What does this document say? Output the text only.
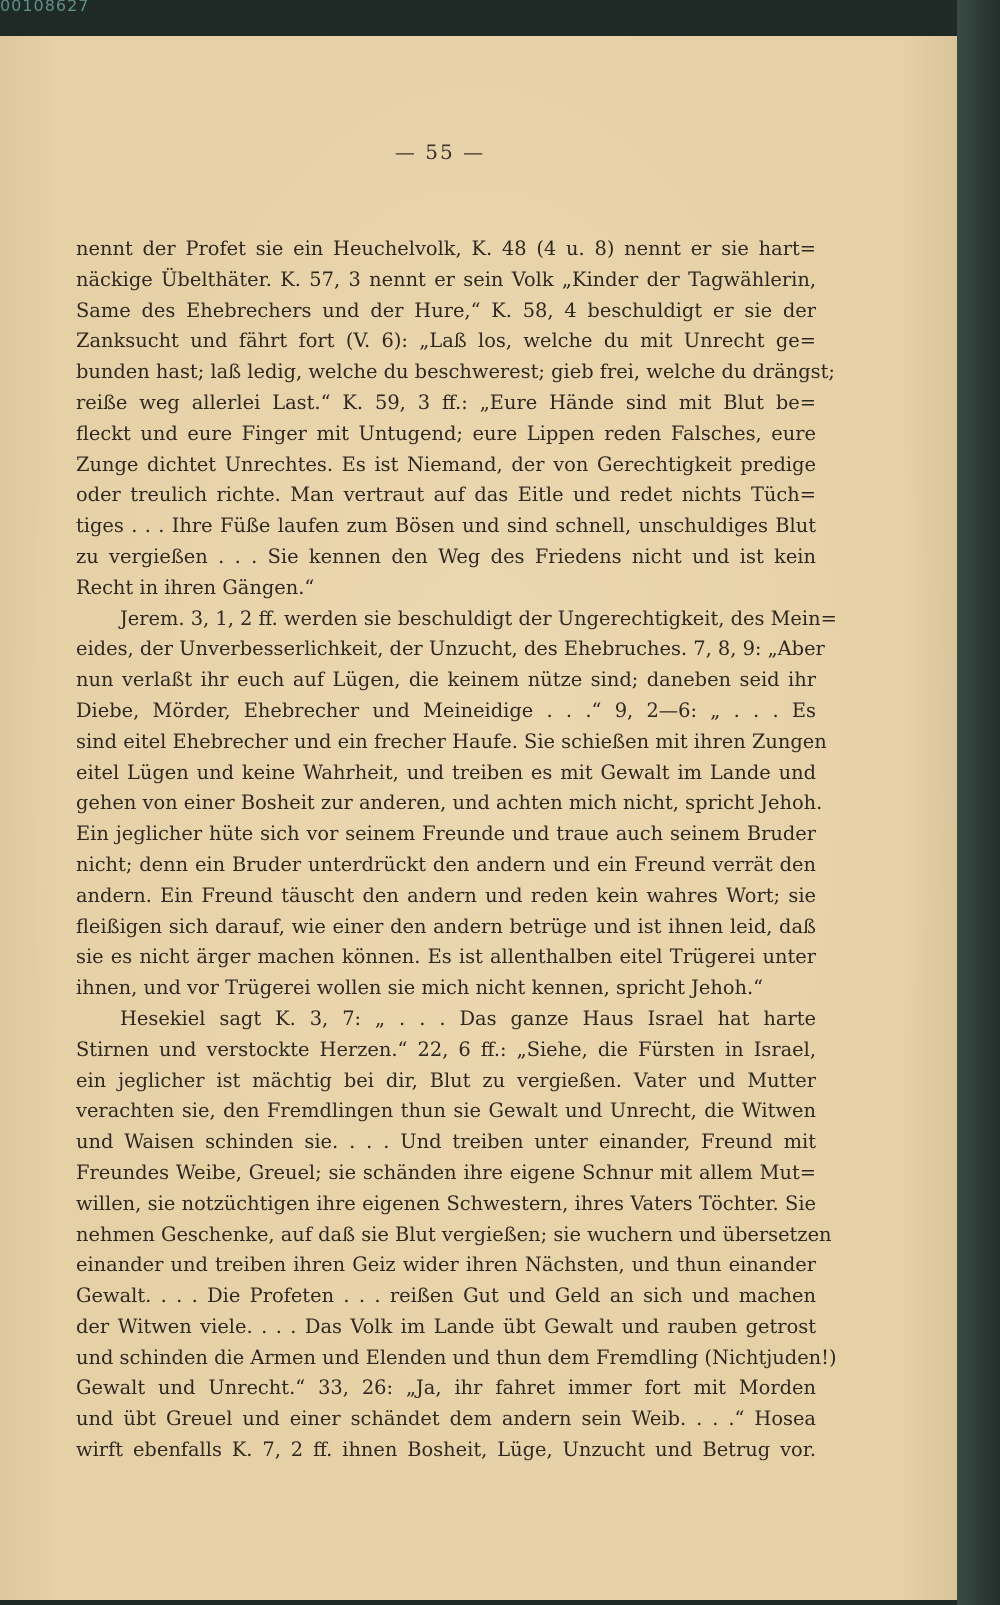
00108627
— 55 —
nennt der Profet sie ein Heuchelvolk, K. 48 (4 u. 8) nennt er sie hart=
näckige Übelthäter. K. 57, 3 nennt er sein Volk „Kinder der Tagwählerin,
Same des Ehebrechers und der Hure,“ K. 58, 4 beschuldigt er sie der
Zanksucht und fährt fort (V. 6): „Laß los, welche du mit Unrecht ge=
bunden hast; laß ledig, welche du beschwerest; gieb frei, welche du drängst;
reiße weg allerlei Last.“ K. 59, 3 ff.: „Eure Hände sind mit Blut be=
fleckt und eure Finger mit Untugend; eure Lippen reden Falsches, eure
Zunge dichtet Unrechtes. Es ist Niemand, der von Gerechtigkeit predige
oder treulich richte. Man vertraut auf das Eitle und redet nichts Tüch=
tiges . . . Ihre Füße laufen zum Bösen und sind schnell, unschuldiges Blut
zu vergießen . . . Sie kennen den Weg des Friedens nicht und ist kein
Recht in ihren Gängen.“
Jerem. 3, 1, 2 ff. werden sie beschuldigt der Ungerechtigkeit, des Mein=
eides, der Unverbesserlichkeit, der Unzucht, des Ehebruches. 7, 8, 9: „Aber
nun verlaßt ihr euch auf Lügen, die keinem nütze sind; daneben seid ihr
Diebe, Mörder, Ehebrecher und Meineidige . . .“ 9, 2—6: „ . . . Es
sind eitel Ehebrecher und ein frecher Haufe. Sie schießen mit ihren Zungen
eitel Lügen und keine Wahrheit, und treiben es mit Gewalt im Lande und
gehen von einer Bosheit zur anderen, und achten mich nicht, spricht Jehoh.
Ein jeglicher hüte sich vor seinem Freunde und traue auch seinem Bruder
nicht; denn ein Bruder unterdrückt den andern und ein Freund verrät den
andern. Ein Freund täuscht den andern und reden kein wahres Wort; sie
fleißigen sich darauf, wie einer den andern betrüge und ist ihnen leid, daß
sie es nicht ärger machen können. Es ist allenthalben eitel Trügerei unter
ihnen, und vor Trügerei wollen sie mich nicht kennen, spricht Jehoh.“
Hesekiel sagt K. 3, 7: „ . . . Das ganze Haus Israel hat harte
Stirnen und verstockte Herzen.“ 22, 6 ff.: „Siehe, die Fürsten in Israel,
ein jeglicher ist mächtig bei dir, Blut zu vergießen. Vater und Mutter
verachten sie, den Fremdlingen thun sie Gewalt und Unrecht, die Witwen
und Waisen schinden sie. . . . Und treiben unter einander, Freund mit
Freundes Weibe, Greuel; sie schänden ihre eigene Schnur mit allem Mut=
willen, sie notzüchtigen ihre eigenen Schwestern, ihres Vaters Töchter. Sie
nehmen Geschenke, auf daß sie Blut vergießen; sie wuchern und übersetzen
einander und treiben ihren Geiz wider ihren Nächsten, und thun einander
Gewalt. . . . Die Profeten . . . reißen Gut und Geld an sich und machen
der Witwen viele. . . . Das Volk im Lande übt Gewalt und rauben getrost
und schinden die Armen und Elenden und thun dem Fremdling (Nichtjuden!)
Gewalt und Unrecht.“ 33, 26: „Ja, ihr fahret immer fort mit Morden
und übt Greuel und einer schändet dem andern sein Weib. . . .“ Hosea
wirft ebenfalls K. 7, 2 ff. ihnen Bosheit, Lüge, Unzucht und Betrug vor.
